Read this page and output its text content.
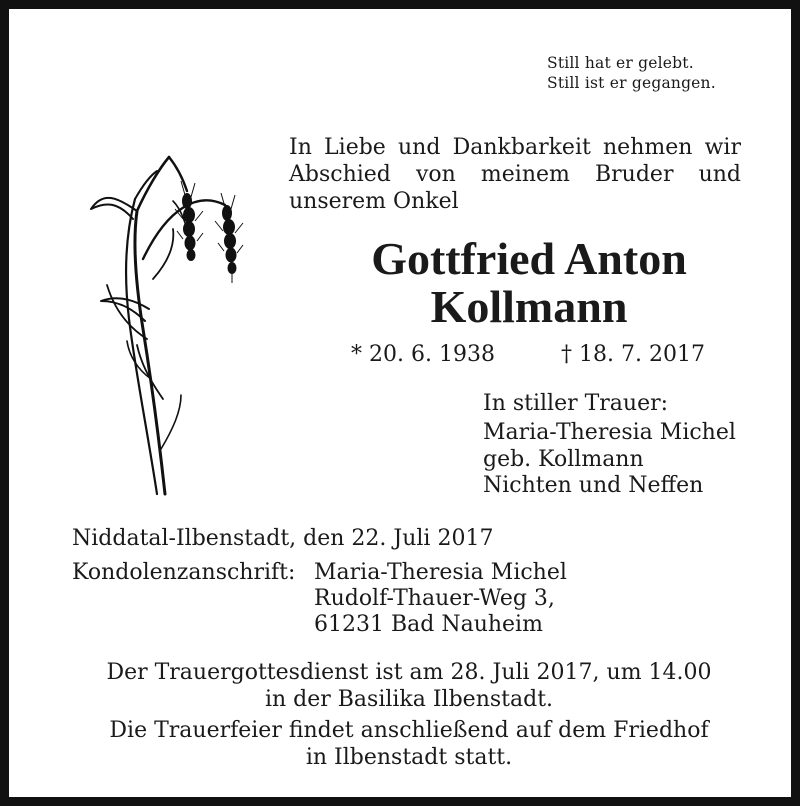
Still hat er gelebt.
Still ist er gegangen.
In Liebe und Dankbarkeit nehmen wir
Abschied von meinem Bruder und
unserem Onkel
Gottfried Anton
Kollmann
* 20. 6. 1938	† 18. 7. 2017
In stiller Trauer:
Maria-Theresia Michel
geb. Kollmann
Nichten und Neffen
Niddatal-Ilbenstadt, den 22. Juli 2017
Kondolenzanschrift: Maria-Theresia Michel
Rudolf-Thauer-Weg 3,
61231 Bad Nauheim
Der Trauergottesdienst ist am 28. Juli 2017, um 14.00
in der Basilika Ilbenstadt.
Die Trauerfeier findet anschließend auf dem Friedhof
in Ilbenstadt statt.
